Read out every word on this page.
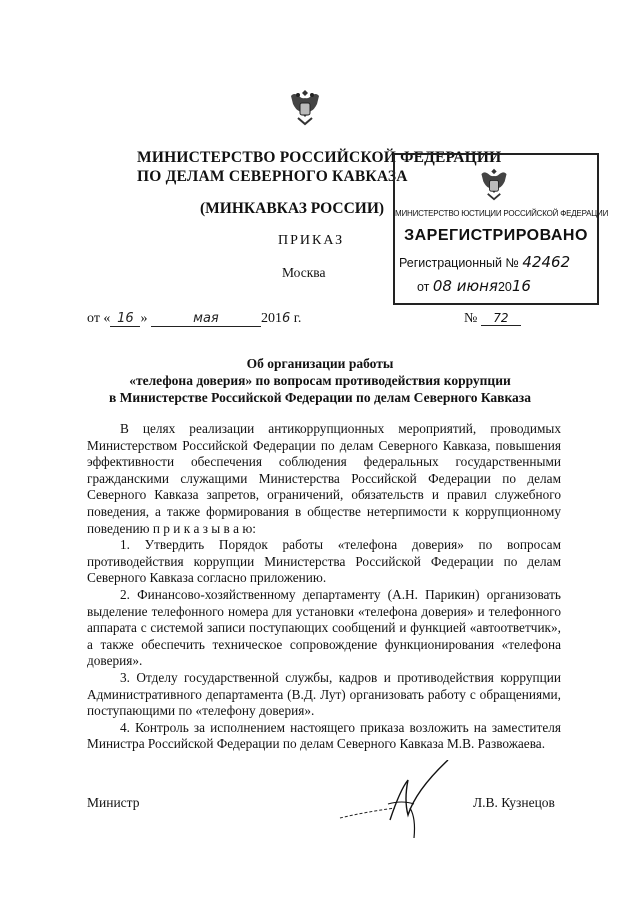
МИНИСТЕРСТВО РОССИЙСКОЙ ФЕДЕРАЦИИ
ПО ДЕЛАМ СЕВЕРНОГО КАВКАЗА
(МИНКАВКАЗ РОССИИ)
ПРИКАЗ
Москва
от « 16 »	мая	2016 г.	№ 72
МИНИСТЕРСТВО ЮСТИЦИИ РОССИЙСКОЙ ФЕДЕРАЦИИ
ЗАРЕГИСТРИРОВАНО
Регистрационный № 42462
от 08 июня2016
Об организации работы
«телефона доверия» по вопросам противодействия коррупции
в Министерстве Российской Федерации по делам Северного Кавказа

В целях реализации антикоррупционных мероприятий, проводимых Министерством Российской Федерации по делам Северного Кавказа, повышения эффективности обеспечения соблюдения федеральных государственными гражданскими служащими Министерства Российской Федерации по делам Северного Кавказа запретов, ограничений, обязательств и правил служебного поведения, а также формирования в обществе нетерпимости к коррупционному поведению п р и к а з ы в а ю:

1. Утвердить Порядок работы «телефона доверия» по вопросам противодействия коррупции Министерства Российской Федерации по делам Северного Кавказа согласно приложению.

2. Финансово-хозяйственному департаменту (А.Н. Парикин) организовать выделение телефонного номера для установки «телефона доверия» и телефонного аппарата с системой записи поступающих сообщений и функцией «автоответчик», а также обеспечить техническое сопровождение функционирования «телефона доверия».

3. Отделу государственной службы, кадров и противодействия коррупции Административного департамента (В.Д. Лут) организовать работу с обращениями, поступающими по «телефону доверия».

4. Контроль за исполнением настоящего приказа возложить на заместителя Министра Российской Федерации по делам Северного Кавказа М.В. Развожаева.

Министр	Л.В. Кузнецов
